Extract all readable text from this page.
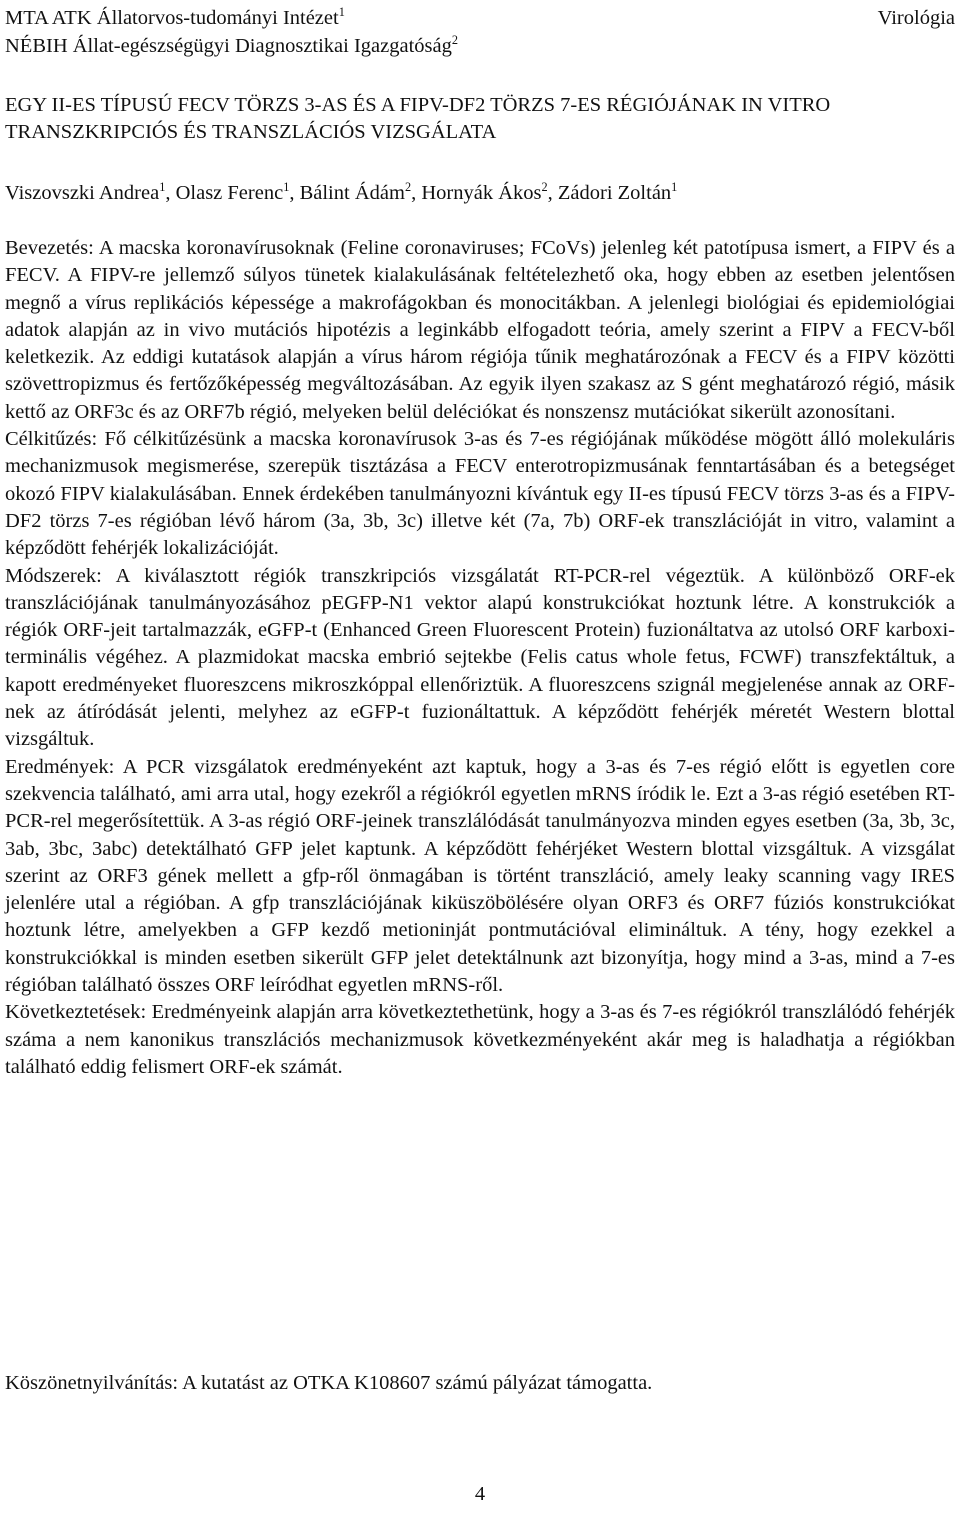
MTA ATK Állatorvos-tudományi Intézet$^1$
NÉBIH Állat-egészségügyi Diagnosztikai Igazgatóság$^2$
Virológia
EGY II-ES TÍPUSÚ FECV TÖRZS 3-AS ÉS A FIPV-DF2 TÖRZS 7-ES RÉGIÓJÁNAK IN VITRO TRANSZKRIPCIÓS ÉS TRANSZLÁCIÓS VIZSGÁLATA

Viszovszki Andrea$^1$, Olasz Ferenc$^1$, Bálint Ádám$^2$, Hornyák Ákos$^2$, Zádori Zoltán$^1$

Bevezetés: A macska koronavírusoknak (Feline coronaviruses; FCoVs) jelenleg két patotípusa ismert, a FIPV és a FECV. A FIPV-re jellemző súlyos tünetek kialakulásának feltételezhető oka, hogy ebben az esetben jelentősen megnő a vírus replikációs képessége a makrofágokban és monocitákban. A jelenlegi biológiai és epidemiológiai adatok alapján az in vivo mutációs hipotézis a leginkább elfogadott teória, amely szerint a FIPV a FECV-ből keletkezik. Az eddigi kutatások alapján a vírus három régiója tűnik meghatározónak a FECV és a FIPV közötti szövettropizmus és fertőzőképesség megváltozásában. Az egyik ilyen szakasz az S gént meghatározó régió, másik kettő az ORF3c és az ORF7b régió, melyeken belül deléciókat és nonszensz mutációkat sikerült azonosítani.

Célkitűzés: Fő célkitűzésünk a macska koronavírusok 3-as és 7-es régiójának működése mögött álló molekuláris mechanizmusok megismerése, szerepük tisztázása a FECV enterotropizmusának fenntartásában és a betegséget okozó FIPV kialakulásában. Ennek érdekében tanulmányozni kívántuk egy II-es típusú FECV törzs 3-as és a FIPV-DF2 törzs 7-es régióban lévő három (3a, 3b, 3c) illetve két (7a, 7b) ORF-ek transzlációját in vitro, valamint a képződött fehérjék lokalizációját.

Módszerek: A kiválasztott régiók transzkripciós vizsgálatát RT-PCR-rel végeztük. A különböző ORF-ek transzlációjának tanulmányozásához pEGFP-N1 vektor alapú konstrukciókat hoztunk létre. A konstrukciók a régiók ORF-jeit tartalmazzák, eGFP-t (Enhanced Green Fluorescent Protein) fuzionáltatva az utolsó ORF karboxi-terminális végéhez. A plazmidokat macska embrió sejtekbe (Felis catus whole fetus, FCWF) transzfektáltuk, a kapott eredményeket fluoreszcens mikroszkóppal ellenőriztük. A fluoreszcens szignál megjelenése annak az ORF-nek az átíródását jelenti, melyhez az eGFP-t fuzionáltattuk. A képződött fehérjék méretét Western blottal vizsgáltuk.

Eredmények: A PCR vizsgálatok eredményeként azt kaptuk, hogy a 3-as és 7-es régió előtt is egyetlen core szekvencia található, ami arra utal, hogy ezekről a régiókról egyetlen mRNS íródik le. Ezt a 3-as régió esetében RT-PCR-rel megerősítettük. A 3-as régió ORF-jeinek transzlálódását tanulmányozva minden egyes esetben (3a, 3b, 3c, 3ab, 3bc, 3abc) detektálható GFP jelet kaptunk. A képződött fehérjéket Western blottal vizsgáltuk. A vizsgálat szerint az ORF3 gének mellett a gfp-ről önmagában is történt transzláció, amely leaky scanning vagy IRES jelenlére utal a régióban. A gfp transzlációjának kiküszöbölésére olyan ORF3 és ORF7 fúziós konstrukciókat hoztunk létre, amelyekben a GFP kezdő metioninját pontmutációval elimináltuk. A tény, hogy ezekkel a konstrukciókkal is minden esetben sikerült GFP jelet detektálnunk azt bizonyítja, hogy mind a 3-as, mind a 7-es régióban található összes ORF leíródhat egyetlen mRNS-ről.

Következtetések: Eredményeink alapján arra következtethetünk, hogy a 3-as és 7-es régiókról transzlálódó fehérjék száma a nem kanonikus transzlációs mechanizmusok következményeként akár meg is haladhatja a régiókban található eddig felismert ORF-ek számát.

Köszönetnyilvánítás: A kutatást az OTKA K108607 számú pályázat támogatta.

4
